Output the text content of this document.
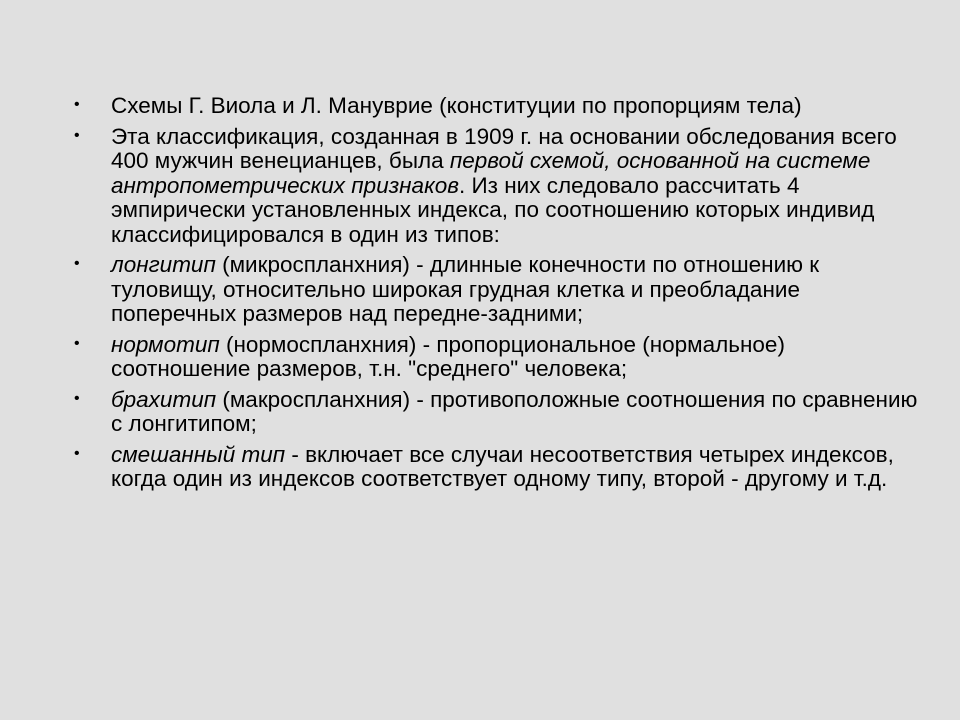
• Схемы Г. Виола и Л. Мануврие (конституции по пропорциям тела)
• Эта классификация, созданная в 1909 г. на основании обследования всего 400 мужчин венецианцев, была первой схемой, основанной на системе антропометрических признаков. Из них следовало рассчитать 4 эмпирически установленных индекса, по соотношению которых индивид классифицировался в один из типов:
• лонгитип (микроспланхния) - длинные конечности по отношению к туловищу, относительно широкая грудная клетка и преобладание поперечных размеров над передне-задними;
• нормотип (нормоспланхния) - пропорциональное (нормальное) соотношение размеров, т.н. "среднего" человека;
• брахитип (макроспланхния) - противоположные соотношения по сравнению с лонгитипом;
• смешанный тип - включает все случаи несоответствия четырех индексов, когда один из индексов соответствует одному типу, второй - другому и т.д.
